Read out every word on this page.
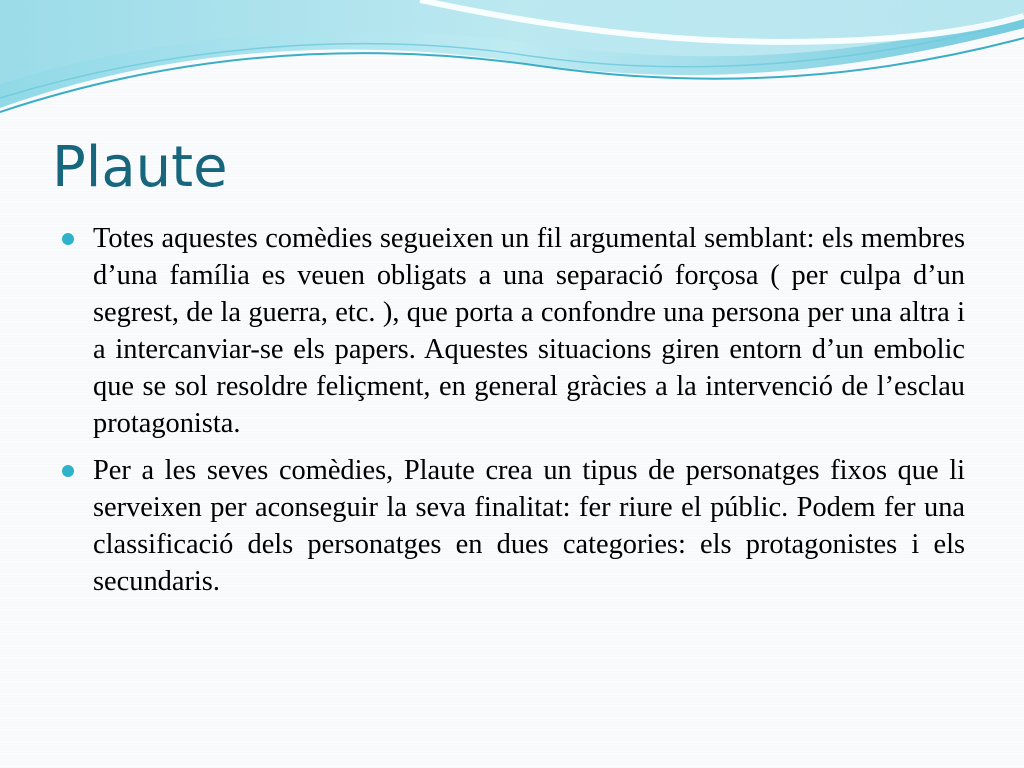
Plaute
Totes aquestes comèdies segueixen un fil argumental semblant: els membres d’una família es veuen obligats a una separació forçosa ( per culpa d’un segrest, de la guerra, etc. ), que porta a confondre una persona per una altra i a intercanviar-se els papers. Aquestes situacions giren entorn d’un embolic que se sol resoldre feliçment, en general gràcies a la intervenció de l’esclau protagonista.
Per a les seves comèdies, Plaute crea un tipus de personatges fixos que li serveixen per aconseguir la seva finalitat: fer riure el públic. Podem fer una classificació dels personatges en dues categories: els protagonistes i els secundaris.
